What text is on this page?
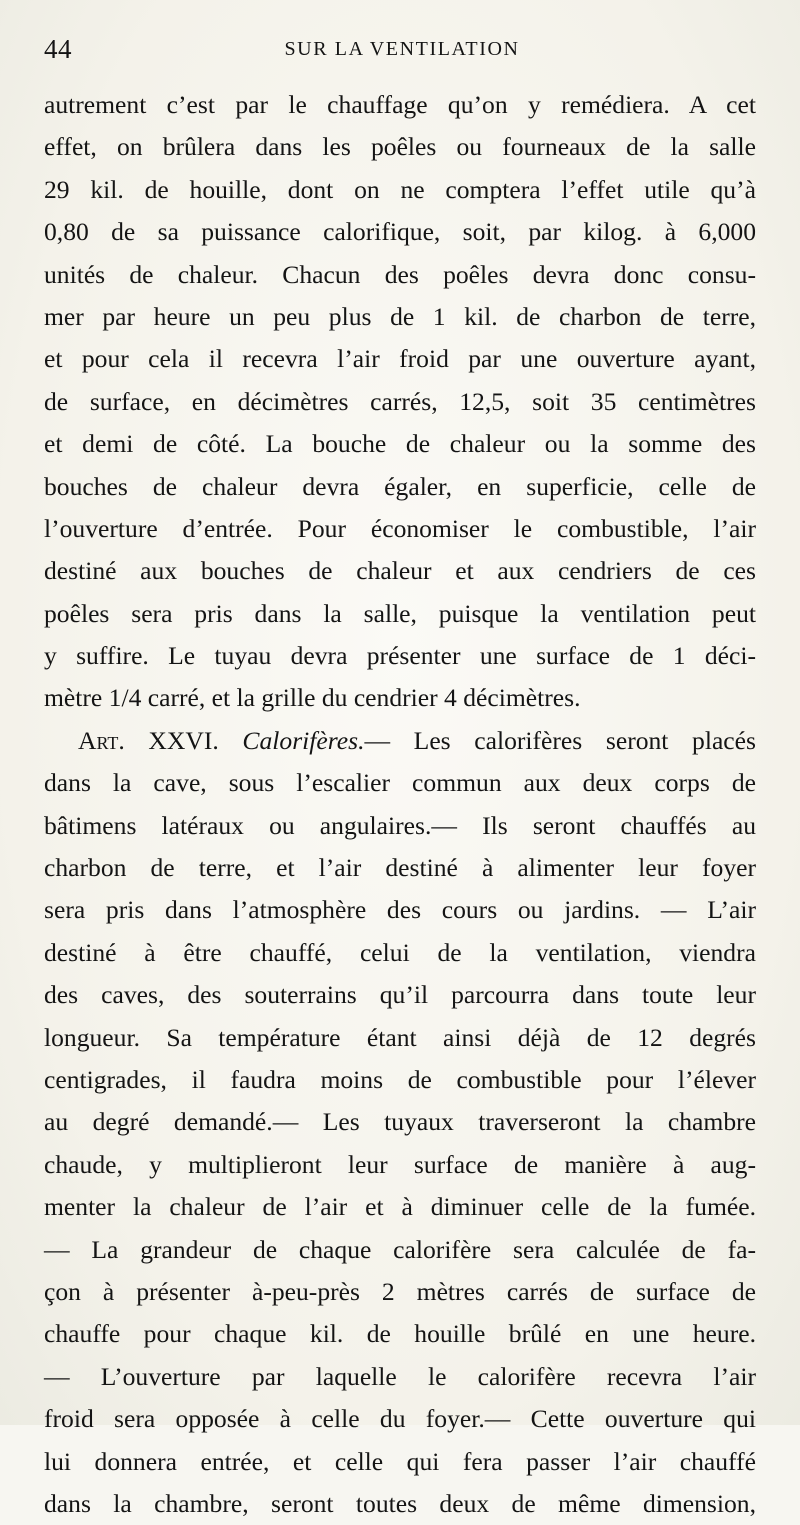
44	SUR LA VENTILATION
autrement c’est par le chauffage qu’on y remédiera. A cet
effet, on brûlera dans les poêles ou fourneaux de la salle
29 kil. de houille, dont on ne comptera l’effet utile qu’à
0,80 de sa puissance calorifique, soit, par kilog. à 6,000
unités de chaleur. Chacun des poêles devra donc consu-
mer par heure un peu plus de 1 kil. de charbon de terre,
et pour cela il recevra l’air froid par une ouverture ayant,
de surface, en décimètres carrés, 12,5, soit 35 centimètres
et demi de côté. La bouche de chaleur ou la somme des
bouches de chaleur devra égaler, en superficie, celle de
l’ouverture d’entrée. Pour économiser le combustible, l’air
destiné aux bouches de chaleur et aux cendriers de ces
poêles sera pris dans la salle, puisque la ventilation peut
y suffire. Le tuyau devra présenter une surface de 1 déci-
mètre 1/4 carré, et la grille du cendrier 4 décimètres.
Art. XXVI. Calorifères.— Les calorifères seront placés
dans la cave, sous l’escalier commun aux deux corps de
bâtimens latéraux ou angulaires.— Ils seront chauffés au
charbon de terre, et l’air destiné à alimenter leur foyer
sera pris dans l’atmosphère des cours ou jardins. — L’air
destiné à être chauffé, celui de la ventilation, viendra
des caves, des souterrains qu’il parcourra dans toute leur
longueur. Sa température étant ainsi déjà de 12 degrés
centigrades, il faudra moins de combustible pour l’élever
au degré demandé.— Les tuyaux traverseront la chambre
chaude, y multiplieront leur surface de manière à aug-
menter la chaleur de l’air et à diminuer celle de la fumée.
— La grandeur de chaque calorifère sera calculée de fa-
çon à présenter à-peu-près 2 mètres carrés de surface de
chauffe pour chaque kil. de houille brûlé en une heure.
— L’ouverture par laquelle le calorifère recevra l’air
froid sera opposée à celle du foyer.— Cette ouverture qui
lui donnera entrée, et celle qui fera passer l’air chauffé
dans la chambre, seront toutes deux de même dimension,
